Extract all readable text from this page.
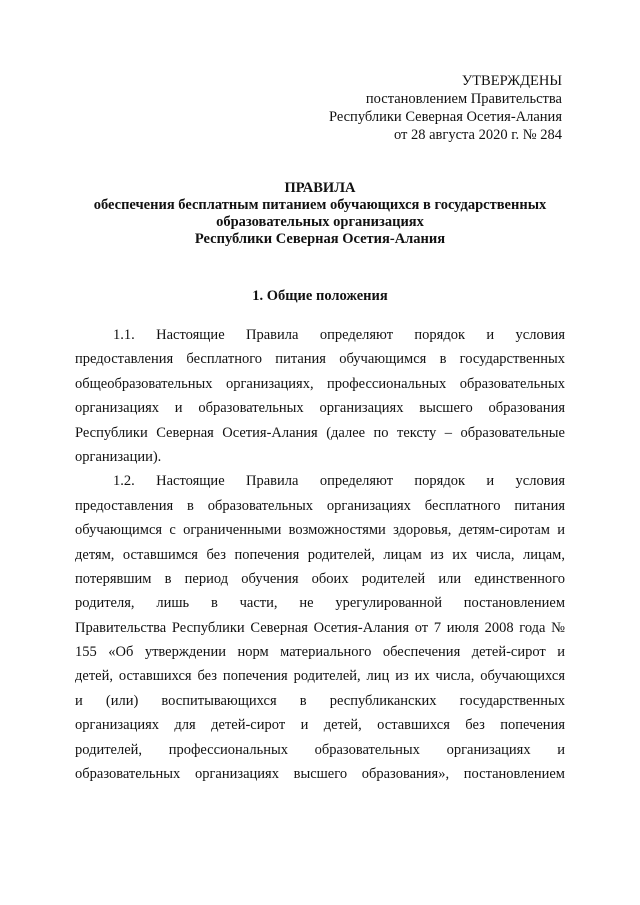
УТВЕРЖДЕНЫ
постановлением Правительства
Республики Северная Осетия-Алания
от 28 августа 2020 г. № 284
ПРАВИЛА
обеспечения бесплатным питанием обучающихся в государственных
образовательных организациях
Республики Северная Осетия-Алания
1. Общие положения
1.1. Настоящие Правила определяют порядок и условия
предоставления бесплатного питания обучающимся в государственных
общеобразовательных организациях, профессиональных образовательных
организациях и образовательных организациях высшего образования
Республики Северная Осетия-Алания (далее по тексту – образовательные
организации).
1.2. Настоящие Правила определяют порядок и условия
предоставления в образовательных организациях бесплатного питания
обучающимся с ограниченными возможностями здоровья, детям-сиротам и
детям, оставшимся без попечения родителей, лицам из их числа, лицам,
потерявшим в период обучения обоих родителей или единственного
родителя, лишь в части, не урегулированной постановлением
Правительства Республики Северная Осетия-Алания от 7 июля 2008 года №
155 «Об утверждении норм материального обеспечения детей-сирот и
детей, оставшихся без попечения родителей, лиц из их числа, обучающихся
и (или) воспитывающихся в республиканских государственных
организациях для детей-сирот и детей, оставшихся без попечения
родителей, профессиональных образовательных организациях и
образовательных организациях высшего образования», постановлением
